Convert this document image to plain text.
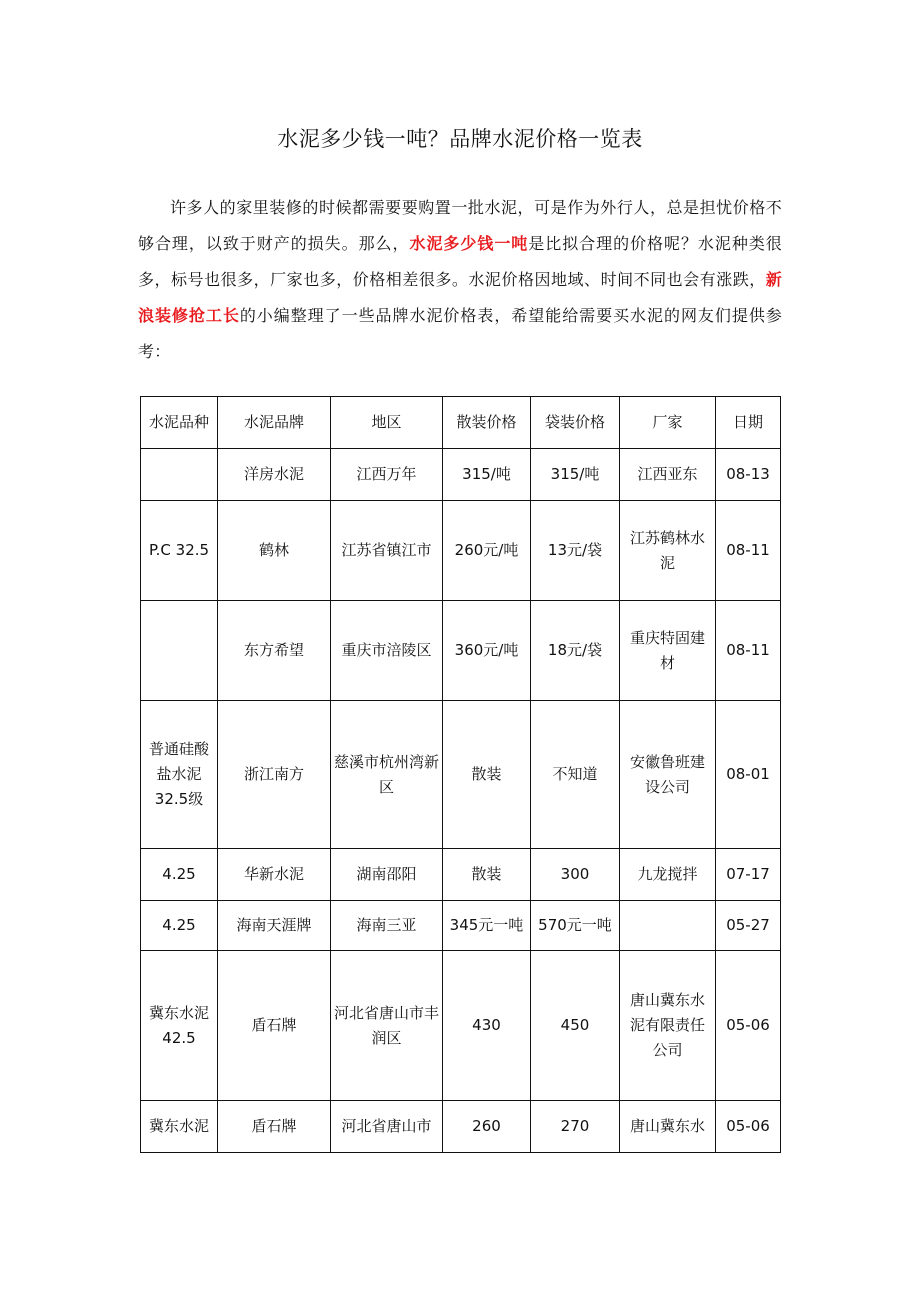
水泥多少钱一吨？品牌水泥价格一览表

许多人的家里装修的时候都需要要购置一批水泥，可是作为外行人，总是担忧价格不够合理，以致于财产的损失。那么，水泥多少钱一吨是比拟合理的价格呢？水泥种类很多，标号也很多，厂家也多，价格相差很多。水泥价格因地域、时间不同也会有涨跌，新浪装修抢工长的小编整理了一些品牌水泥价格表，希望能给需要买水泥的网友们提供参考：

水泥品种	水泥品牌	地区	散装价格	袋装价格	厂家	日期
	洋房水泥	江西万年	315/吨	315/吨	江西亚东	08-13
P.C 32.5	鹤林	江苏省镇江市	260元/吨	13元/袋	江苏鹤林水泥	08-11
	东方希望	重庆市涪陵区	360元/吨	18元/袋	重庆特固建材	08-11
普通硅酸盐水泥32.5级	浙江南方	慈溪市杭州湾新区	散装	不知道	安徽鲁班建设公司	08-01
4.25	华新水泥	湖南邵阳	散装	300	九龙搅拌	07-17
4.25	海南天涯牌	海南三亚	345元一吨	570元一吨		05-27
冀东水泥42.5	盾石牌	河北省唐山市丰润区	430	450	唐山冀东水泥有限责任公司	05-06
冀东水泥	盾石牌	河北省唐山市	260	270	唐山冀东水	05-06
